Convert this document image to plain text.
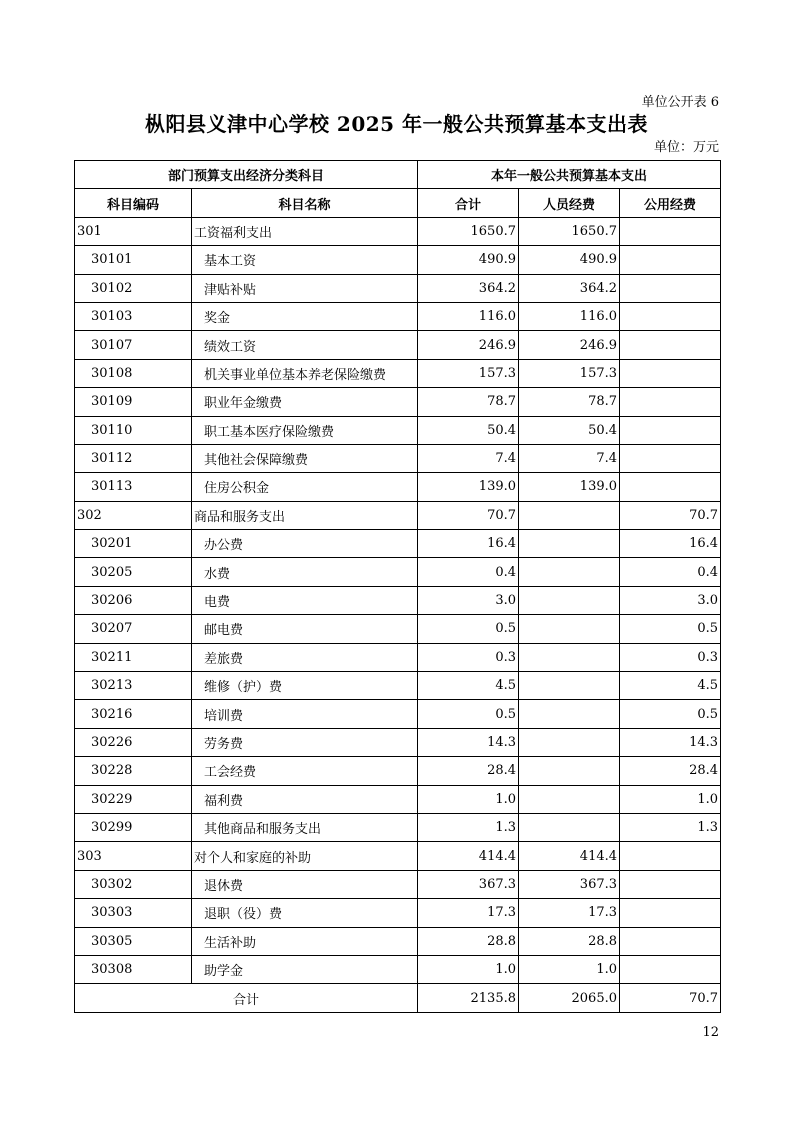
单位公开表 6
枞阳县义津中心学校 2025 年一般公共预算基本支出表
单位：万元
部门预算支出经济分类科目		本年一般公共预算基本支出		
科目编码	科目名称	合计	人员经费	公用经费
301	工资福利支出	1650.7	1650.7	
30101	基本工资	490.9	490.9	
30102	津贴补贴	364.2	364.2	
30103	奖金	116.0	116.0	
30107	绩效工资	246.9	246.9	
30108	机关事业单位基本养老保险缴费	157.3	157.3	
30109	职业年金缴费	78.7	78.7	
30110	职工基本医疗保险缴费	50.4	50.4	
30112	其他社会保障缴费	7.4	7.4	
30113	住房公积金	139.0	139.0	
302	商品和服务支出	70.7		70.7
30201	办公费	16.4		16.4
30205	水费	0.4		0.4
30206	电费	3.0		3.0
30207	邮电费	0.5		0.5
30211	差旅费	0.3		0.3
30213	维修（护）费	4.5		4.5
30216	培训费	0.5		0.5
30226	劳务费	14.3		14.3
30228	工会经费	28.4		28.4
30229	福利费	1.0		1.0
30299	其他商品和服务支出	1.3		1.3
303	对个人和家庭的补助	414.4	414.4	
30302	退休费	367.3	367.3	
30303	退职（役）费	17.3	17.3	
30305	生活补助	28.8	28.8	
30308	助学金	1.0	1.0	
合计		2135.8	2065.0	70.7
12
